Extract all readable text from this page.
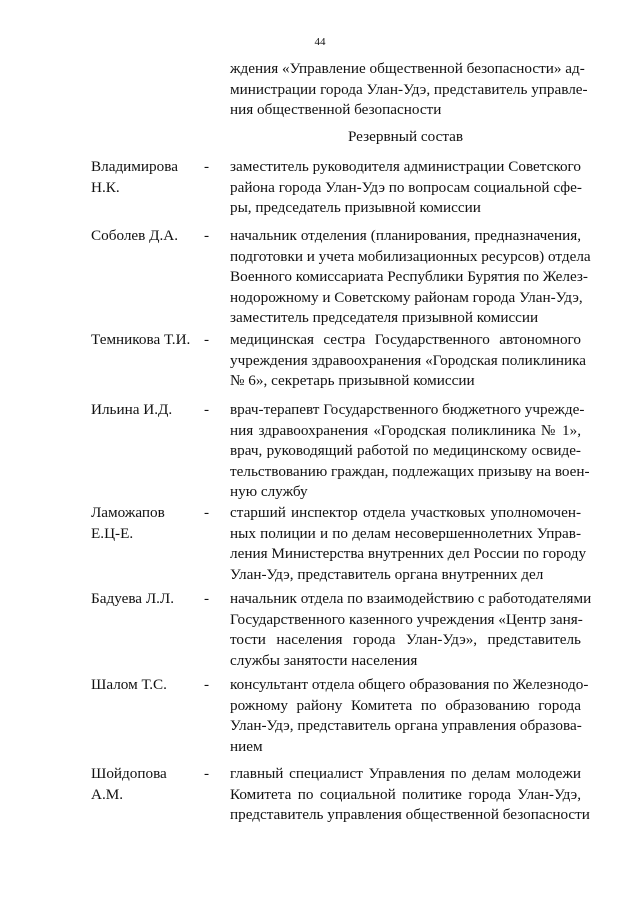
44
ждения «Управление общественной безопасности» ад-
министрации города Улан-Удэ, представитель управле-
ния общественной безопасности
Резервный состав
Владимирова
Н.К.
- заместитель руководителя администрации Советского
района города Улан-Удэ по вопросам социальной сфе-
ры, председатель призывной комиссии
Соболев Д.А.	- начальник отделения (планирования, предназначения,
подготовки и учета мобилизационных ресурсов) отдела
Военного комиссариата Республики Бурятия по Желез-
нодорожному и Советскому районам города Улан-Удэ,
заместитель председателя призывной комиссии
Темникова Т.И. - медицинская сестра Государственного автономного
учреждения здравоохранения «Городская поликлиника
№ 6», секретарь призывной комиссии
Ильина И.Д.	- врач-терапевт Государственного бюджетного учрежде-
ния здравоохранения «Городская поликлиника № 1»,
врач, руководящий работой по медицинскому освиде-
тельствованию граждан, подлежащих призыву на воен-
ную службу
Ламожапов
Е.Ц-Е.
- старший инспектор отдела участковых уполномочен-
ных полиции и по делам несовершеннолетних Управ-
ления Министерства внутренних дел России по городу
Улан-Удэ, представитель органа внутренних дел
Бадуева Л.Л.	- начальник отдела по взаимодействию с работодателями
Государственного казенного учреждения «Центр заня-
тости населения города Улан-Удэ», представитель
службы занятости населения
Шалом Т.С.	- консультант отдела общего образования по Железнодо-
рожному району Комитета по образованию города
Улан-Удэ, представитель органа управления образова-
нием
Шойдопова
А.М.
- главный специалист Управления по делам молодежи
Комитета по социальной политике города Улан-Удэ,
представитель управления общественной безопасности
